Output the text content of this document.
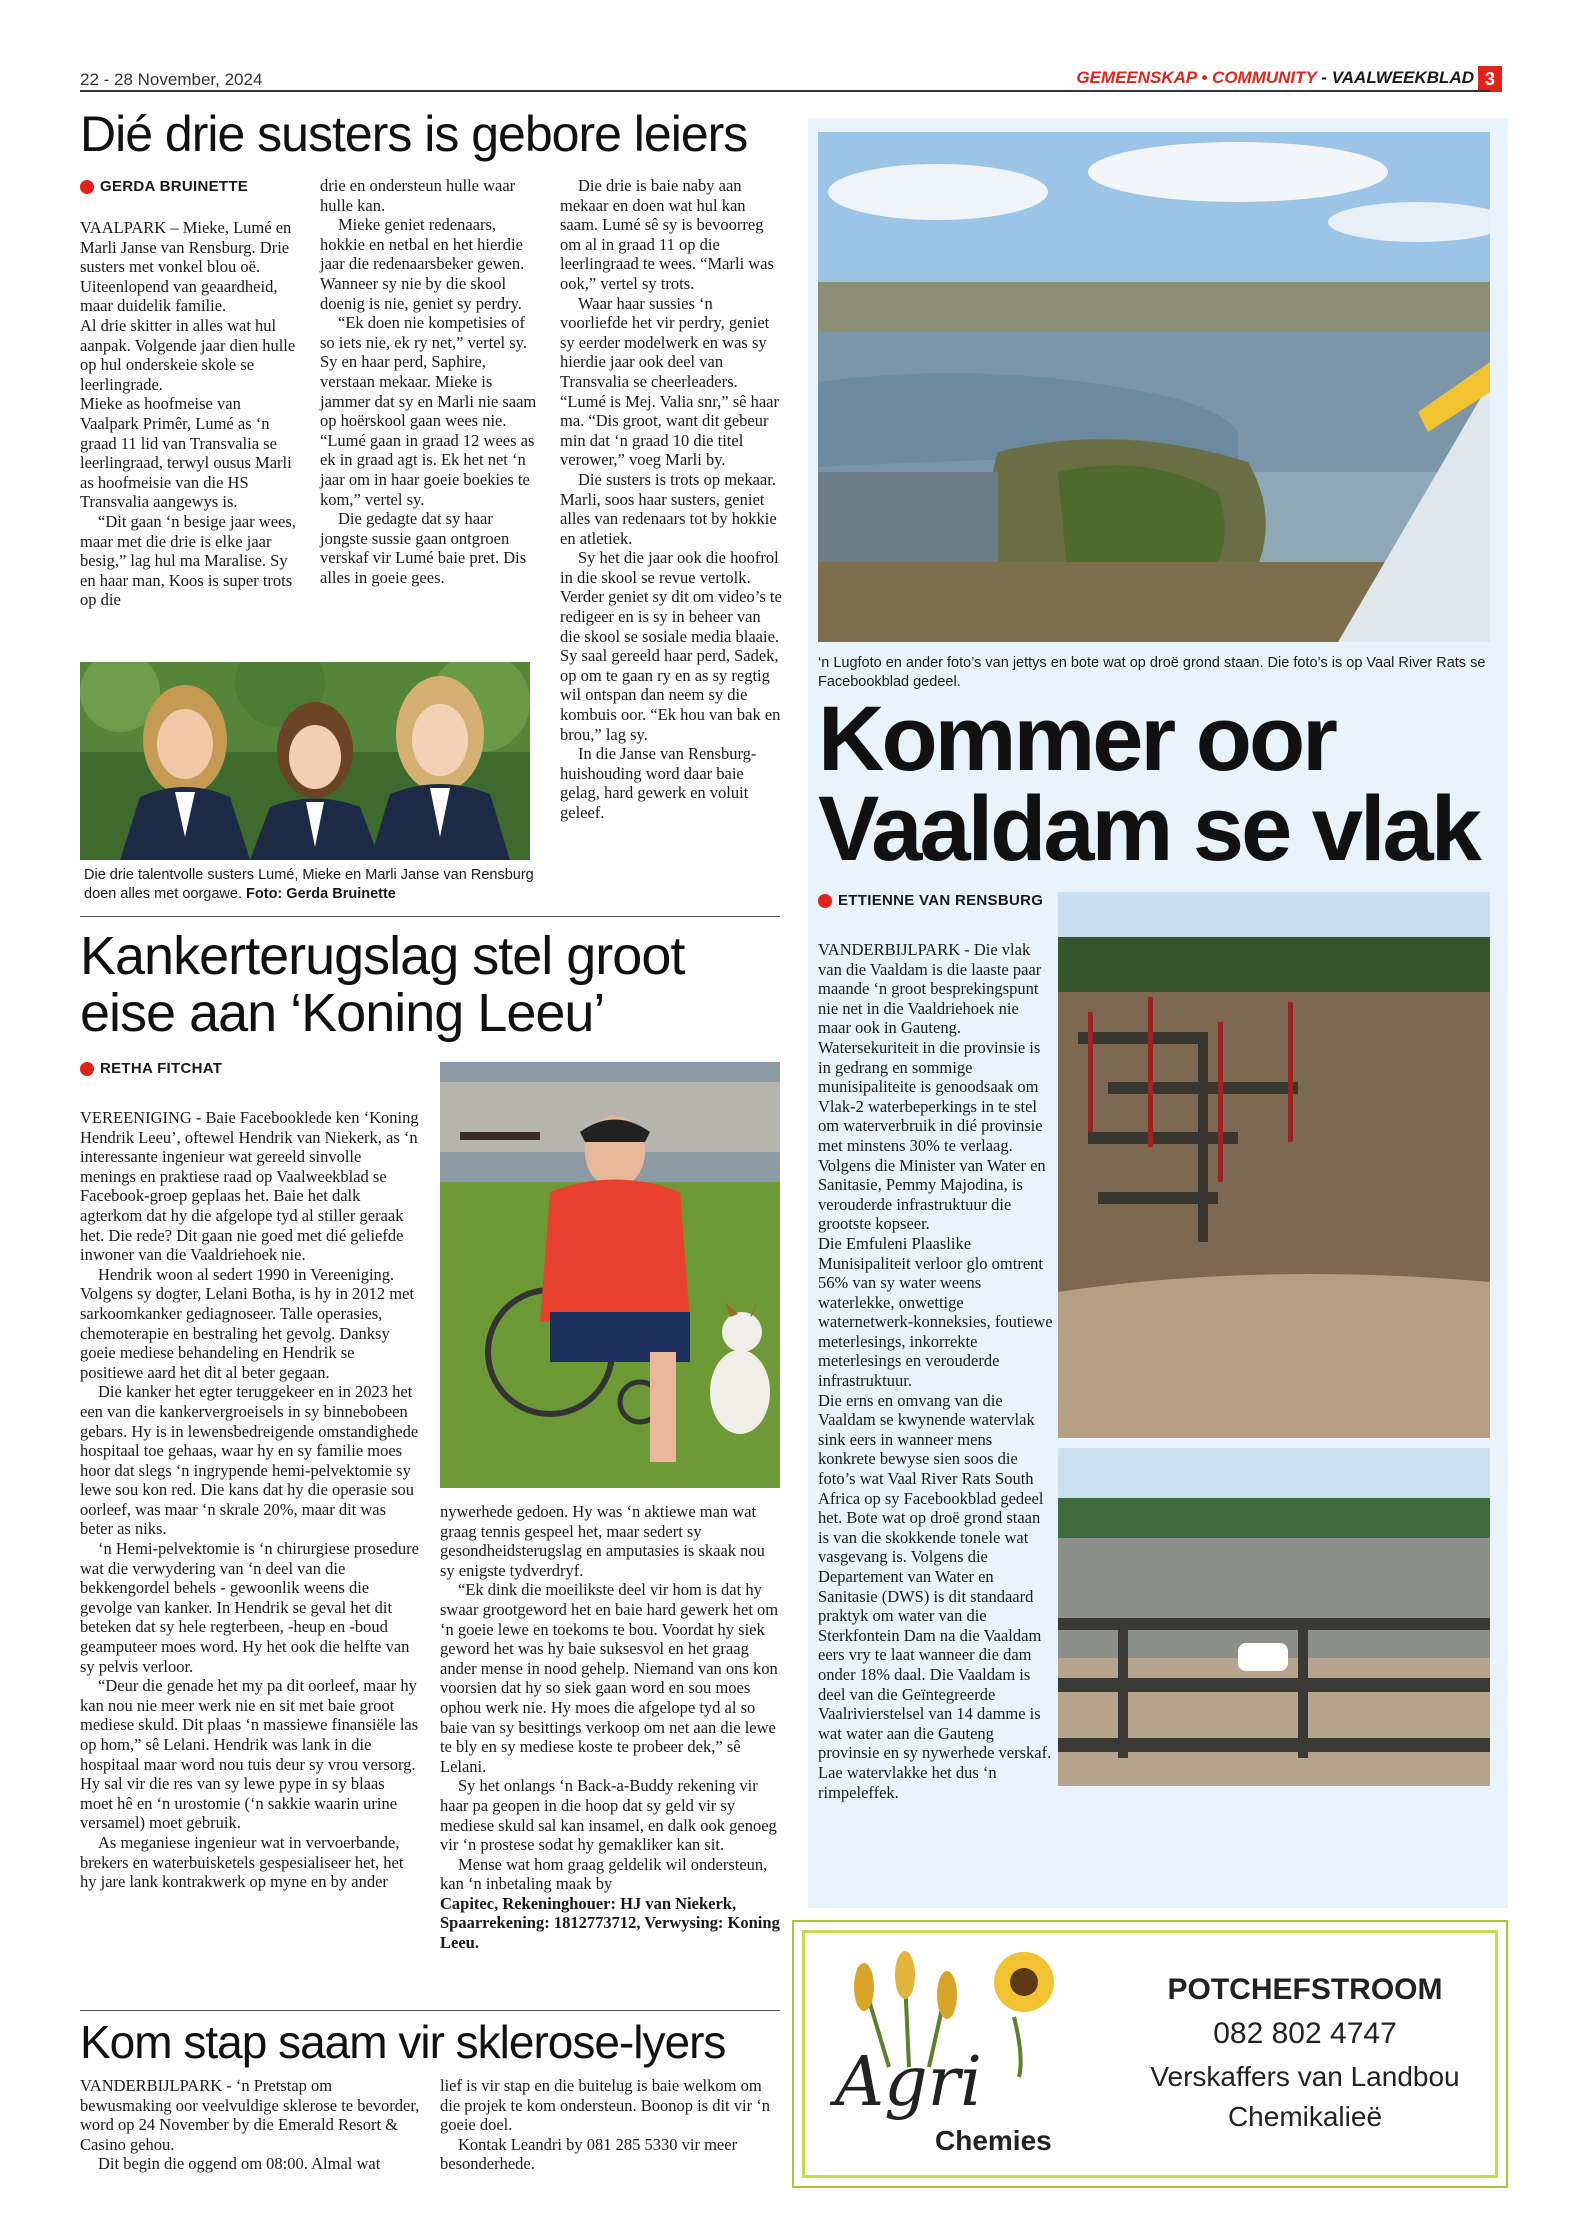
22 - 28 November, 2024	GEMEENSKAP • COMMUNITY - VAALWEEKBLAD 3
Dié drie susters is gebore leiers
GERDA BRUINETTE

VAALPARK – Mieke, Lumé en Marli Janse van Rensburg. Drie susters met vonkel blou oë. Uiteenlopend van geaardheid, maar duidelik familie.

Al drie skitter in alles wat hul aanpak. Volgende jaar dien hulle op hul onderskeie skole se leerlingrade.

Mieke as hoofmeise van Vaalpark Primêr, Lumé as ‘n graad 11 lid van Transvalia se leerlingraad, terwyl ousus Marli as hoofmeisie van die HS Transvalia aangewys is.

“Dit gaan ‘n besige jaar wees, maar met die drie is elke jaar besig,” lag hul ma Maralise. Sy en haar man, Koos is super trots op die

drie en ondersteun hulle waar hulle kan.

Mieke geniet redenaars, hokkie en netbal en het hierdie jaar die redenaarsbeker gewen. Wanneer sy nie by die skool doenig is nie, geniet sy perdry.

“Ek doen nie kompetisies of so iets nie, ek ry net,” vertel sy. Sy en haar perd, Saphire, verstaan mekaar. Mieke is jammer dat sy en Marli nie saam op hoërskool gaan wees nie. “Lumé gaan in graad 12 wees as ek in graad agt is. Ek het net ‘n jaar om in haar goeie boekies te kom,” vertel sy.

Die gedagte dat sy haar jongste sussie gaan ontgroen verskaf vir Lumé baie pret. Dis alles in goeie gees.

Die drie is baie naby aan mekaar en doen wat hul kan saam. Lumé sê sy is bevoorreg om al in graad 11 op die leerlingraad te wees. “Marli was ook,” vertel sy trots.

Waar haar sussies ‘n voorliefde het vir perdry, geniet sy eerder modelwerk en was sy hierdie jaar ook deel van Transvalia se cheerleaders. “Lumé is Mej. Valia snr,” sê haar ma. “Dis groot, want dit gebeur min dat ‘n graad 10 die titel verower,” voeg Marli by.

Die susters is trots op mekaar. Marli, soos haar susters, geniet alles van redenaars tot by hokkie en atletiek.

Sy het die jaar ook die hoofrol in die skool se revue vertolk. Verder geniet sy dit om video’s te redigeer en is sy in beheer van die skool se sosiale media blaaie. Sy saal gereeld haar perd, Sadek, op om te gaan ry en as sy regtig wil ontspan dan neem sy die kombuis oor. “Ek hou van bak en brou,” lag sy.

In die Janse van Rensburg-huishouding word daar baie gelag, hard gewerk en voluit geleef.

Die drie talentvolle susters Lumé, Mieke en Marli Janse van Rensburg doen alles met oorgawe. Foto: Gerda Bruinette
Kankerterugslag stel groot
eise aan ‘Koning Leeu’
RETHA FITCHAT

VEREENIGING - Baie Facebooklede ken ‘Koning Hendrik Leeu’, oftewel Hendrik van Niekerk, as ‘n interessante ingenieur wat gereeld sinvolle menings en praktiese raad op Vaalweekblad se Facebook-groep geplaas het. Baie het dalk agterkom dat hy die afgelope tyd al stiller geraak het. Die rede? Dit gaan nie goed met dié geliefde inwoner van die Vaaldriehoek nie.

Hendrik woon al sedert 1990 in Vereeniging. Volgens sy dogter, Lelani Botha, is hy in 2012 met sarkoomkanker gediagnoseer. Talle operasies, chemoterapie en bestraling het gevolg. Danksy goeie mediese behandeling en Hendrik se positiewe aard het dit al beter gegaan.

Die kanker het egter teruggekeer en in 2023 het een van die kankervergroeisels in sy binnebobeen gebars. Hy is in lewensbedreigende omstandighede hospitaal toe gehaas, waar hy en sy familie moes hoor dat slegs ‘n ingrypende hemi-pelvektomie sy lewe sou kon red. Die kans dat hy die operasie sou oorleef, was maar ‘n skrale 20%, maar dit was beter as niks.

‘n Hemi-pelvektomie is ‘n chirurgiese prosedure wat die verwydering van ‘n deel van die bekkengordel behels - gewoonlik weens die gevolge van kanker. In Hendrik se geval het dit beteken dat sy hele regterbeen, -heup en -boud geamputeer moes word. Hy het ook die helfte van sy pelvis verloor.

“Deur die genade het my pa dit oorleef, maar hy kan nou nie meer werk nie en sit met baie groot mediese skuld. Dit plaas ‘n massiewe finansiële las op hom,” sê Lelani. Hendrik was lank in die hospitaal maar word nou tuis deur sy vrou versorg. Hy sal vir die res van sy lewe pype in sy blaas moet hê en ‘n urostomie (‘n sakkie waarin urine versamel) moet gebruik.

As meganiese ingenieur wat in vervoerbande, brekers en waterbuisketels gespesialiseer het, het hy jare lank kontrakwerk op myne en by ander

nywerhede gedoen. Hy was ‘n aktiewe man wat graag tennis gespeel het, maar sedert sy gesondheidsterugslag en amputasies is skaak nou sy enigste tydverdryf.

“Ek dink die moeilikste deel vir hom is dat hy swaar grootgeword het en baie hard gewerk het om ‘n goeie lewe en toekoms te bou. Voordat hy siek geword het was hy baie suksesvol en het graag ander mense in nood gehelp. Niemand van ons kon voorsien dat hy so siek gaan word en sou moes ophou werk nie. Hy moes die afgelope tyd al so baie van sy besittings verkoop om net aan die lewe te bly en sy mediese koste te probeer dek,” sê Lelani.

Sy het onlangs ‘n Back-a-Buddy rekening vir haar pa geopen in die hoop dat sy geld vir sy mediese skuld sal kan insamel, en dalk ook genoeg vir ‘n prostese sodat hy gemakliker kan sit.

Mense wat hom graag geldelik wil ondersteun, kan ‘n inbetaling maak by

Capitec, Rekeninghouer: HJ van Niekerk, Spaarrekening: 1812773712, Verwysing: Koning Leeu.

Kom stap saam vir sklerose-lyers

VANDERBIJLPARK - ‘n Pretstap om bewusmaking oor veelvuldige sklerose te bevorder, word op 24 November by die Emerald Resort & Casino gehou.

Dit begin die oggend om 08:00. Almal wat

lief is vir stap en die buitelug is baie welkom om die projek te kom ondersteun. Boonop is dit vir ‘n goeie doel.

Kontak Leandri by 081 285 5330 vir meer besonderhede.

‘n Lugfoto en ander foto’s van jettys en bote wat op droë grond staan. Die foto’s is op Vaal River Rats se Facebookblad gedeel.
Kommer oor
Vaaldam se vlak
ETTIENNE VAN RENSBURG

VANDERBIJLPARK - Die vlak van die Vaaldam is die laaste paar maande ‘n groot besprekingspunt nie net in die Vaaldriehoek nie maar ook in Gauteng.

Watersekuriteit in die provinsie is in gedrang en sommige munisipaliteite is genoodsaak om Vlak-2 waterbeperkings in te stel om waterverbruik in dié provinsie met minstens 30% te verlaag. Volgens die Minister van Water en Sanitasie, Pemmy Majodina, is verouderde infrastruktuur die grootste kopseer.

Die Emfuleni Plaaslike Munisipaliteit verloor glo omtrent 56% van sy water weens waterlekke, onwettige waternetwerk-konneksies, foutiewe meterlesings, inkorrekte meterlesings en verouderde infrastruktuur.

Die erns en omvang van die Vaaldam se kwynende watervlak sink eers in wanneer mens konkrete bewyse sien soos die foto’s wat Vaal River Rats South Africa op sy Facebookblad gedeel het. Bote wat op droë grond staan is van die skokkende tonele wat vasgevang is. Volgens die Departement van Water en Sanitasie (DWS) is dit standaard praktyk om water van die Sterkfontein Dam na die Vaaldam eers vry te laat wanneer die dam onder 18% daal. Die Vaaldam is deel van die Geïntegreerde Vaalrivierstelsel van 14 damme is wat water aan die Gauteng provinsie en sy nywerhede verskaf. Lae watervlakke het dus ‘n rimpeleffek.

Agri
Chemies
POTCHEFSTROOM
082 802 4747
Verskaffers van Landbou
Chemikalieë
